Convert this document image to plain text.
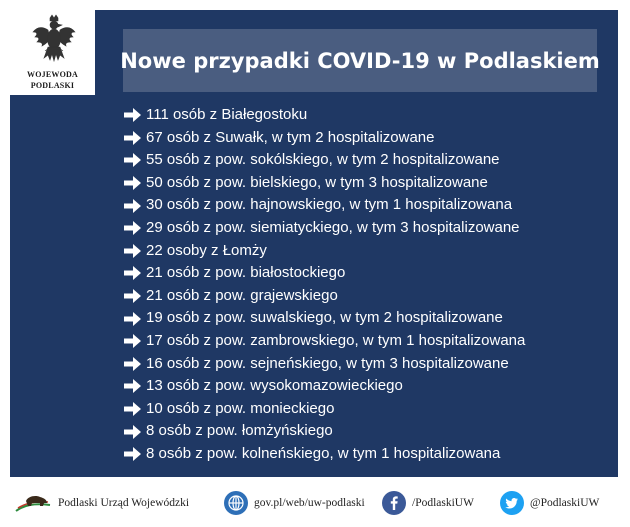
WOJEWODA
PODLASKI
Nowe przypadki COVID-19 w Podlaskiem
111 osób z Białegostoku
67 osób z Suwałk, w tym 2 hospitalizowane
55 osób z pow. sokólskiego, w tym 2 hospitalizowane
50 osób z pow. bielskiego, w tym 3 hospitalizowane
30 osób z pow. hajnowskiego, w tym 1 hospitalizowana
29 osób z pow. siemiatyckiego, w tym 3 hospitalizowane
22 osoby z Łomży
21 osób z pow. białostockiego
21 osób z pow. grajewskiego
19 osób z pow. suwalskiego, w tym 2 hospitalizowane
17 osób z pow. zambrowskiego, w tym 1 hospitalizowana
16 osób z pow. sejneńskiego, w tym 3 hospitalizowane
13 osób z pow. wysokomazowieckiego
10 osób z pow. monieckiego
8 osób z pow. łomżyńskiego
8 osób z pow. kolneńskiego, w tym 1 hospitalizowana
Podlaski Urząd Wojewódzki	gov.pl/web/uw-podlaski	/PodlaskiUW	@PodlaskiUW
